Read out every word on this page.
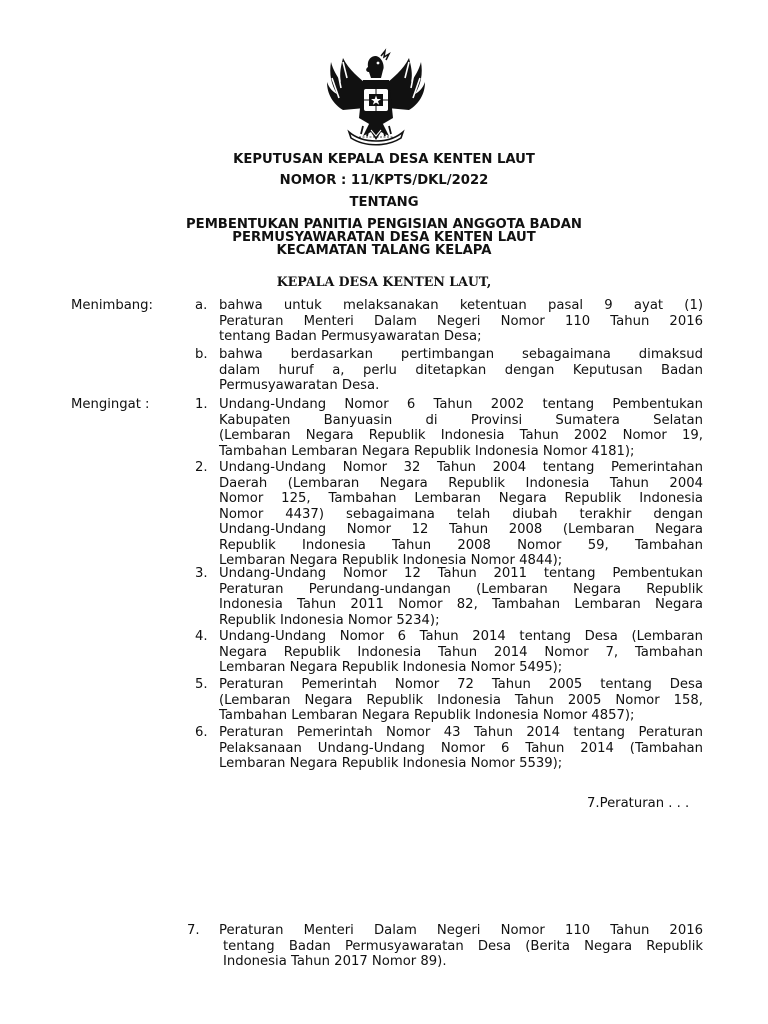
KEPUTUSAN KEPALA DESA KENTEN LAUT
NOMOR : 11/KPTS/DKL/2022
TENTANG
PEMBENTUKAN PANITIA PENGISIAN ANGGOTA BADAN
PERMUSYAWARATAN DESA KENTEN LAUT
KECAMATAN TALANG KELAPA
KEPALA DESA KENTEN LAUT,
Menimbang:
Mengingat :
a. bahwa untuk melaksanakan ketentuan pasal 9 ayat (1)
Peraturan Menteri Dalam Negeri Nomor 110 Tahun 2016
tentang Badan Permusyawaratan Desa;
b. bahwa berdasarkan pertimbangan sebagaimana dimaksud
dalam huruf a, perlu ditetapkan dengan Keputusan Badan
Permusyawaratan Desa.
1. Undang-Undang Nomor 6 Tahun 2002 tentang Pembentukan
Kabupaten Banyuasin di Provinsi Sumatera Selatan
(Lembaran Negara Republik Indonesia Tahun 2002 Nomor 19,
Tambahan Lembaran Negara Republik Indonesia Nomor 4181);
2. Undang-Undang Nomor 32 Tahun 2004 tentang Pemerintahan
Daerah (Lembaran Negara Republik Indonesia Tahun 2004
Nomor 125, Tambahan Lembaran Negara Republik Indonesia
Nomor 4437) sebagaimana telah diubah terakhir dengan
Undang-Undang Nomor 12 Tahun 2008 (Lembaran Negara
Republik Indonesia Tahun 2008 Nomor 59, Tambahan
Lembaran Negara Republik Indonesia Nomor 4844);
3. Undang-Undang Nomor 12 Tahun 2011 tentang Pembentukan
Peraturan Perundang-undangan (Lembaran Negara Republik
Indonesia Tahun 2011 Nomor 82, Tambahan Lembaran Negara
Republik Indonesia Nomor 5234);
4. Undang-Undang Nomor 6 Tahun 2014 tentang Desa (Lembaran
Negara Republik Indonesia Tahun 2014 Nomor 7, Tambahan
Lembaran Negara Republik Indonesia Nomor 5495);
5. Peraturan Pemerintah Nomor 72 Tahun 2005 tentang Desa
(Lembaran Negara Republik Indonesia Tahun 2005 Nomor 158,
Tambahan Lembaran Negara Republik Indonesia Nomor 4857);
6. Peraturan Pemerintah Nomor 43 Tahun 2014 tentang Peraturan
Pelaksanaan Undang-Undang Nomor 6 Tahun 2014 (Tambahan
Lembaran Negara Republik Indonesia Nomor 5539);
7.Peraturan . . .
7. Peraturan Menteri Dalam Negeri Nomor 110 Tahun 2016
tentang Badan Permusyawaratan Desa (Berita Negara Republik
Indonesia Tahun 2017 Nomor 89).
